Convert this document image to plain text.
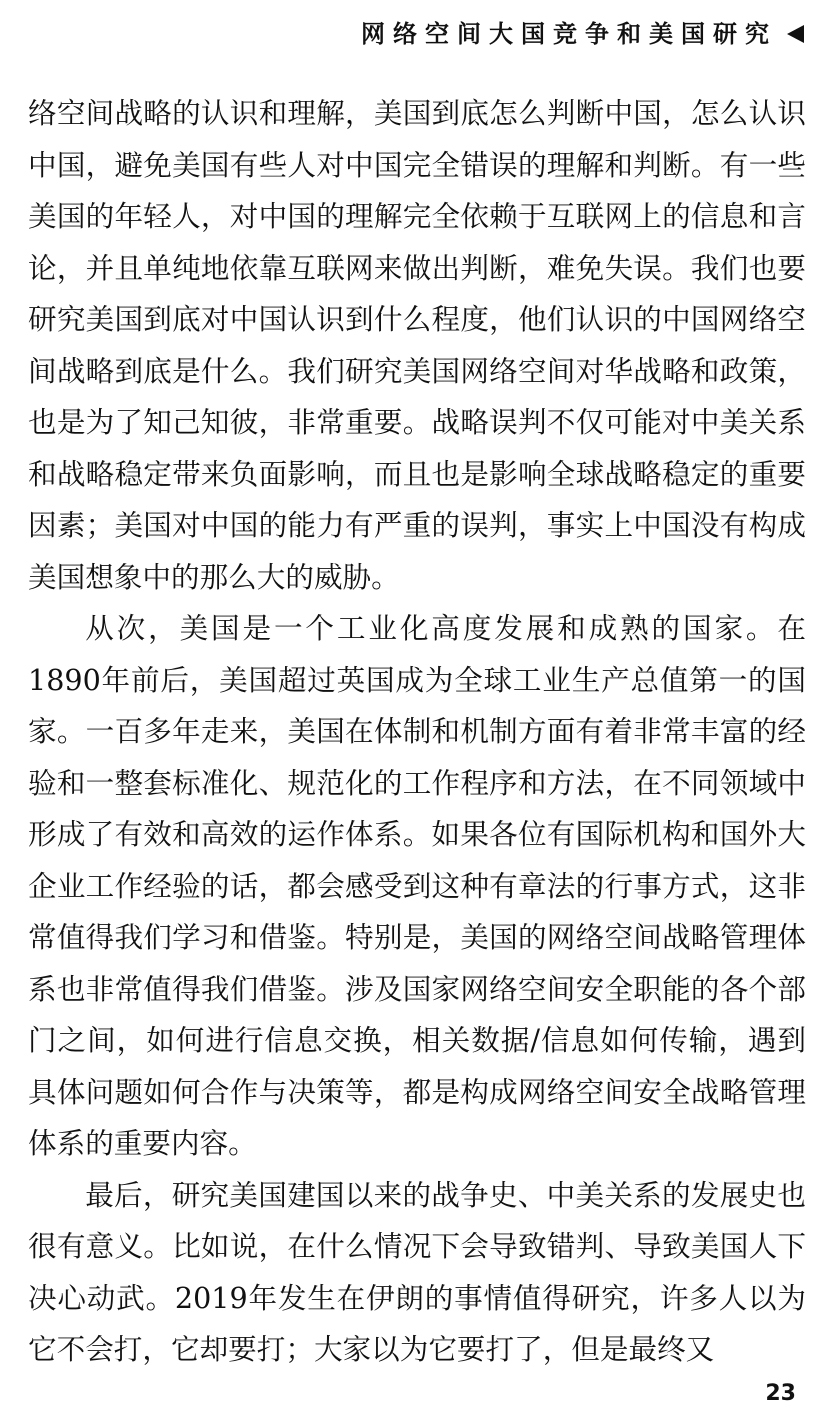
网络空间大国竞争和美国研究

络空间战略的认识和理解，美国到底怎么判断中国，怎么认识中国，避免美国有些人对中国完全错误的理解和判断。有一些美国的年轻人，对中国的理解完全依赖于互联网上的信息和言论，并且单纯地依靠互联网来做出判断，难免失误。我们也要研究美国到底对中国认识到什么程度，他们认识的中国网络空间战略到底是什么。我们研究美国网络空间对华战略和政策，也是为了知己知彼，非常重要。战略误判不仅可能对中美关系和战略稳定带来负面影响，而且也是影响全球战略稳定的重要因素；美国对中国的能力有严重的误判，事实上中国没有构成美国想象中的那么大的威胁。

从次，美国是一个工业化高度发展和成熟的国家。在1890年前后，美国超过英国成为全球工业生产总值第一的国家。一百多年走来，美国在体制和机制方面有着非常丰富的经验和一整套标准化、规范化的工作程序和方法，在不同领域中形成了有效和高效的运作体系。如果各位有国际机构和国外大企业工作经验的话，都会感受到这种有章法的行事方式，这非常值得我们学习和借鉴。特别是，美国的网络空间战略管理体系也非常值得我们借鉴。涉及国家网络空间安全职能的各个部门之间，如何进行信息交换，相关数据/信息如何传输，遇到具体问题如何合作与决策等，都是构成网络空间安全战略管理体系的重要内容。

最后，研究美国建国以来的战争史、中美关系的发展史也很有意义。比如说，在什么情况下会导致错判、导致美国人下决心动武。2019年发生在伊朗的事情值得研究，许多人以为它不会打，它却要打；大家以为它要打了，但是最终又

23
